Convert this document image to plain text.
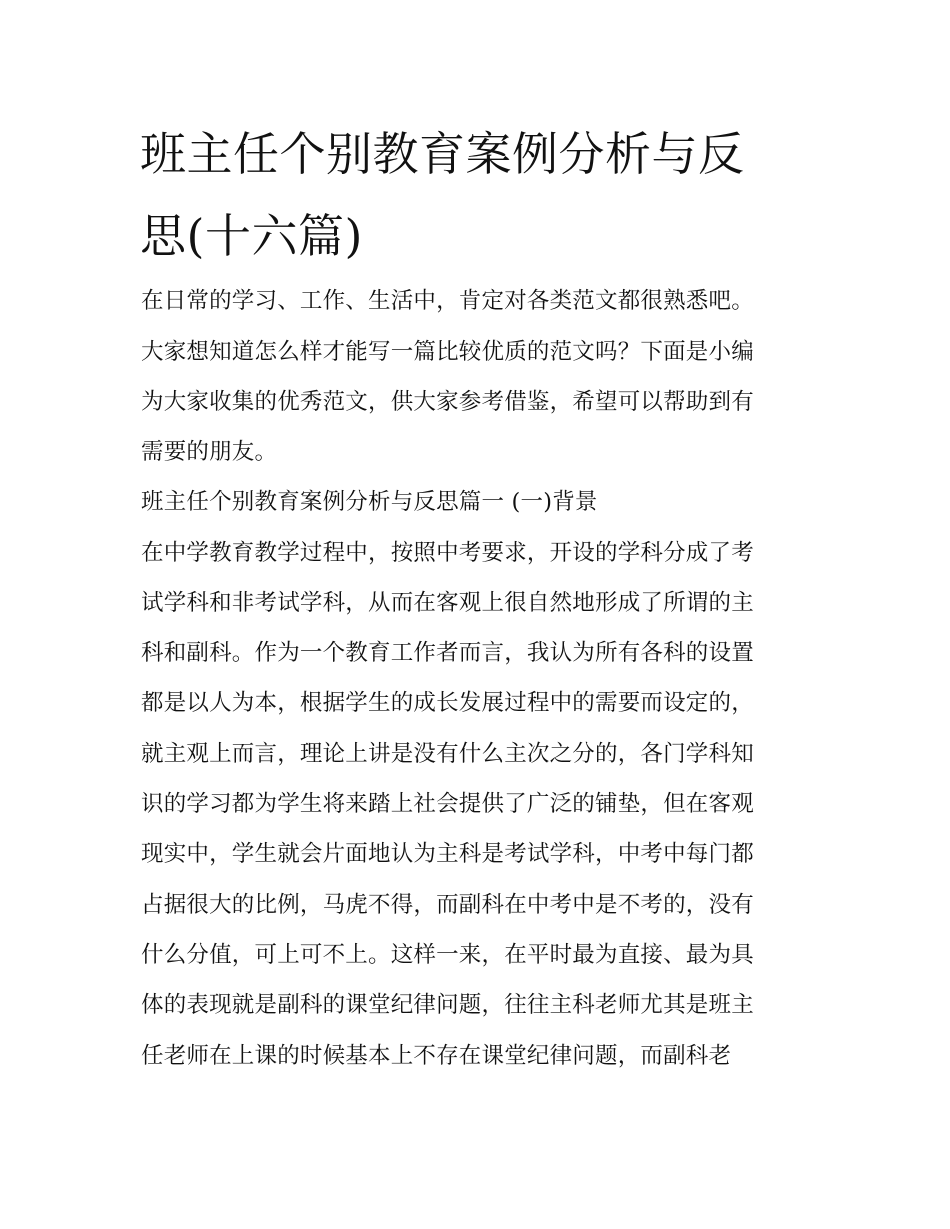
班主任个别教育案例分析与反
思(十六篇)

在日常的学习、工作、生活中，肯定对各类范文都很熟悉吧。

大家想知道怎么样才能写一篇比较优质的范文吗？下面是小编

为大家收集的优秀范文，供大家参考借鉴，希望可以帮助到有

需要的朋友。

班主任个别教育案例分析与反思篇一 (一)背景

在中学教育教学过程中，按照中考要求，开设的学科分成了考

试学科和非考试学科，从而在客观上很自然地形成了所谓的主

科和副科。作为一个教育工作者而言，我认为所有各科的设置

都是以人为本，根据学生的成长发展过程中的需要而设定的，

就主观上而言，理论上讲是没有什么主次之分的，各门学科知

识的学习都为学生将来踏上社会提供了广泛的铺垫，但在客观

现实中，学生就会片面地认为主科是考试学科，中考中每门都

占据很大的比例，马虎不得，而副科在中考中是不考的，没有

什么分值，可上可不上。这样一来，在平时最为直接、最为具

体的表现就是副科的课堂纪律问题，往往主科老师尤其是班主

任老师在上课的时候基本上不存在课堂纪律问题，而副科老
